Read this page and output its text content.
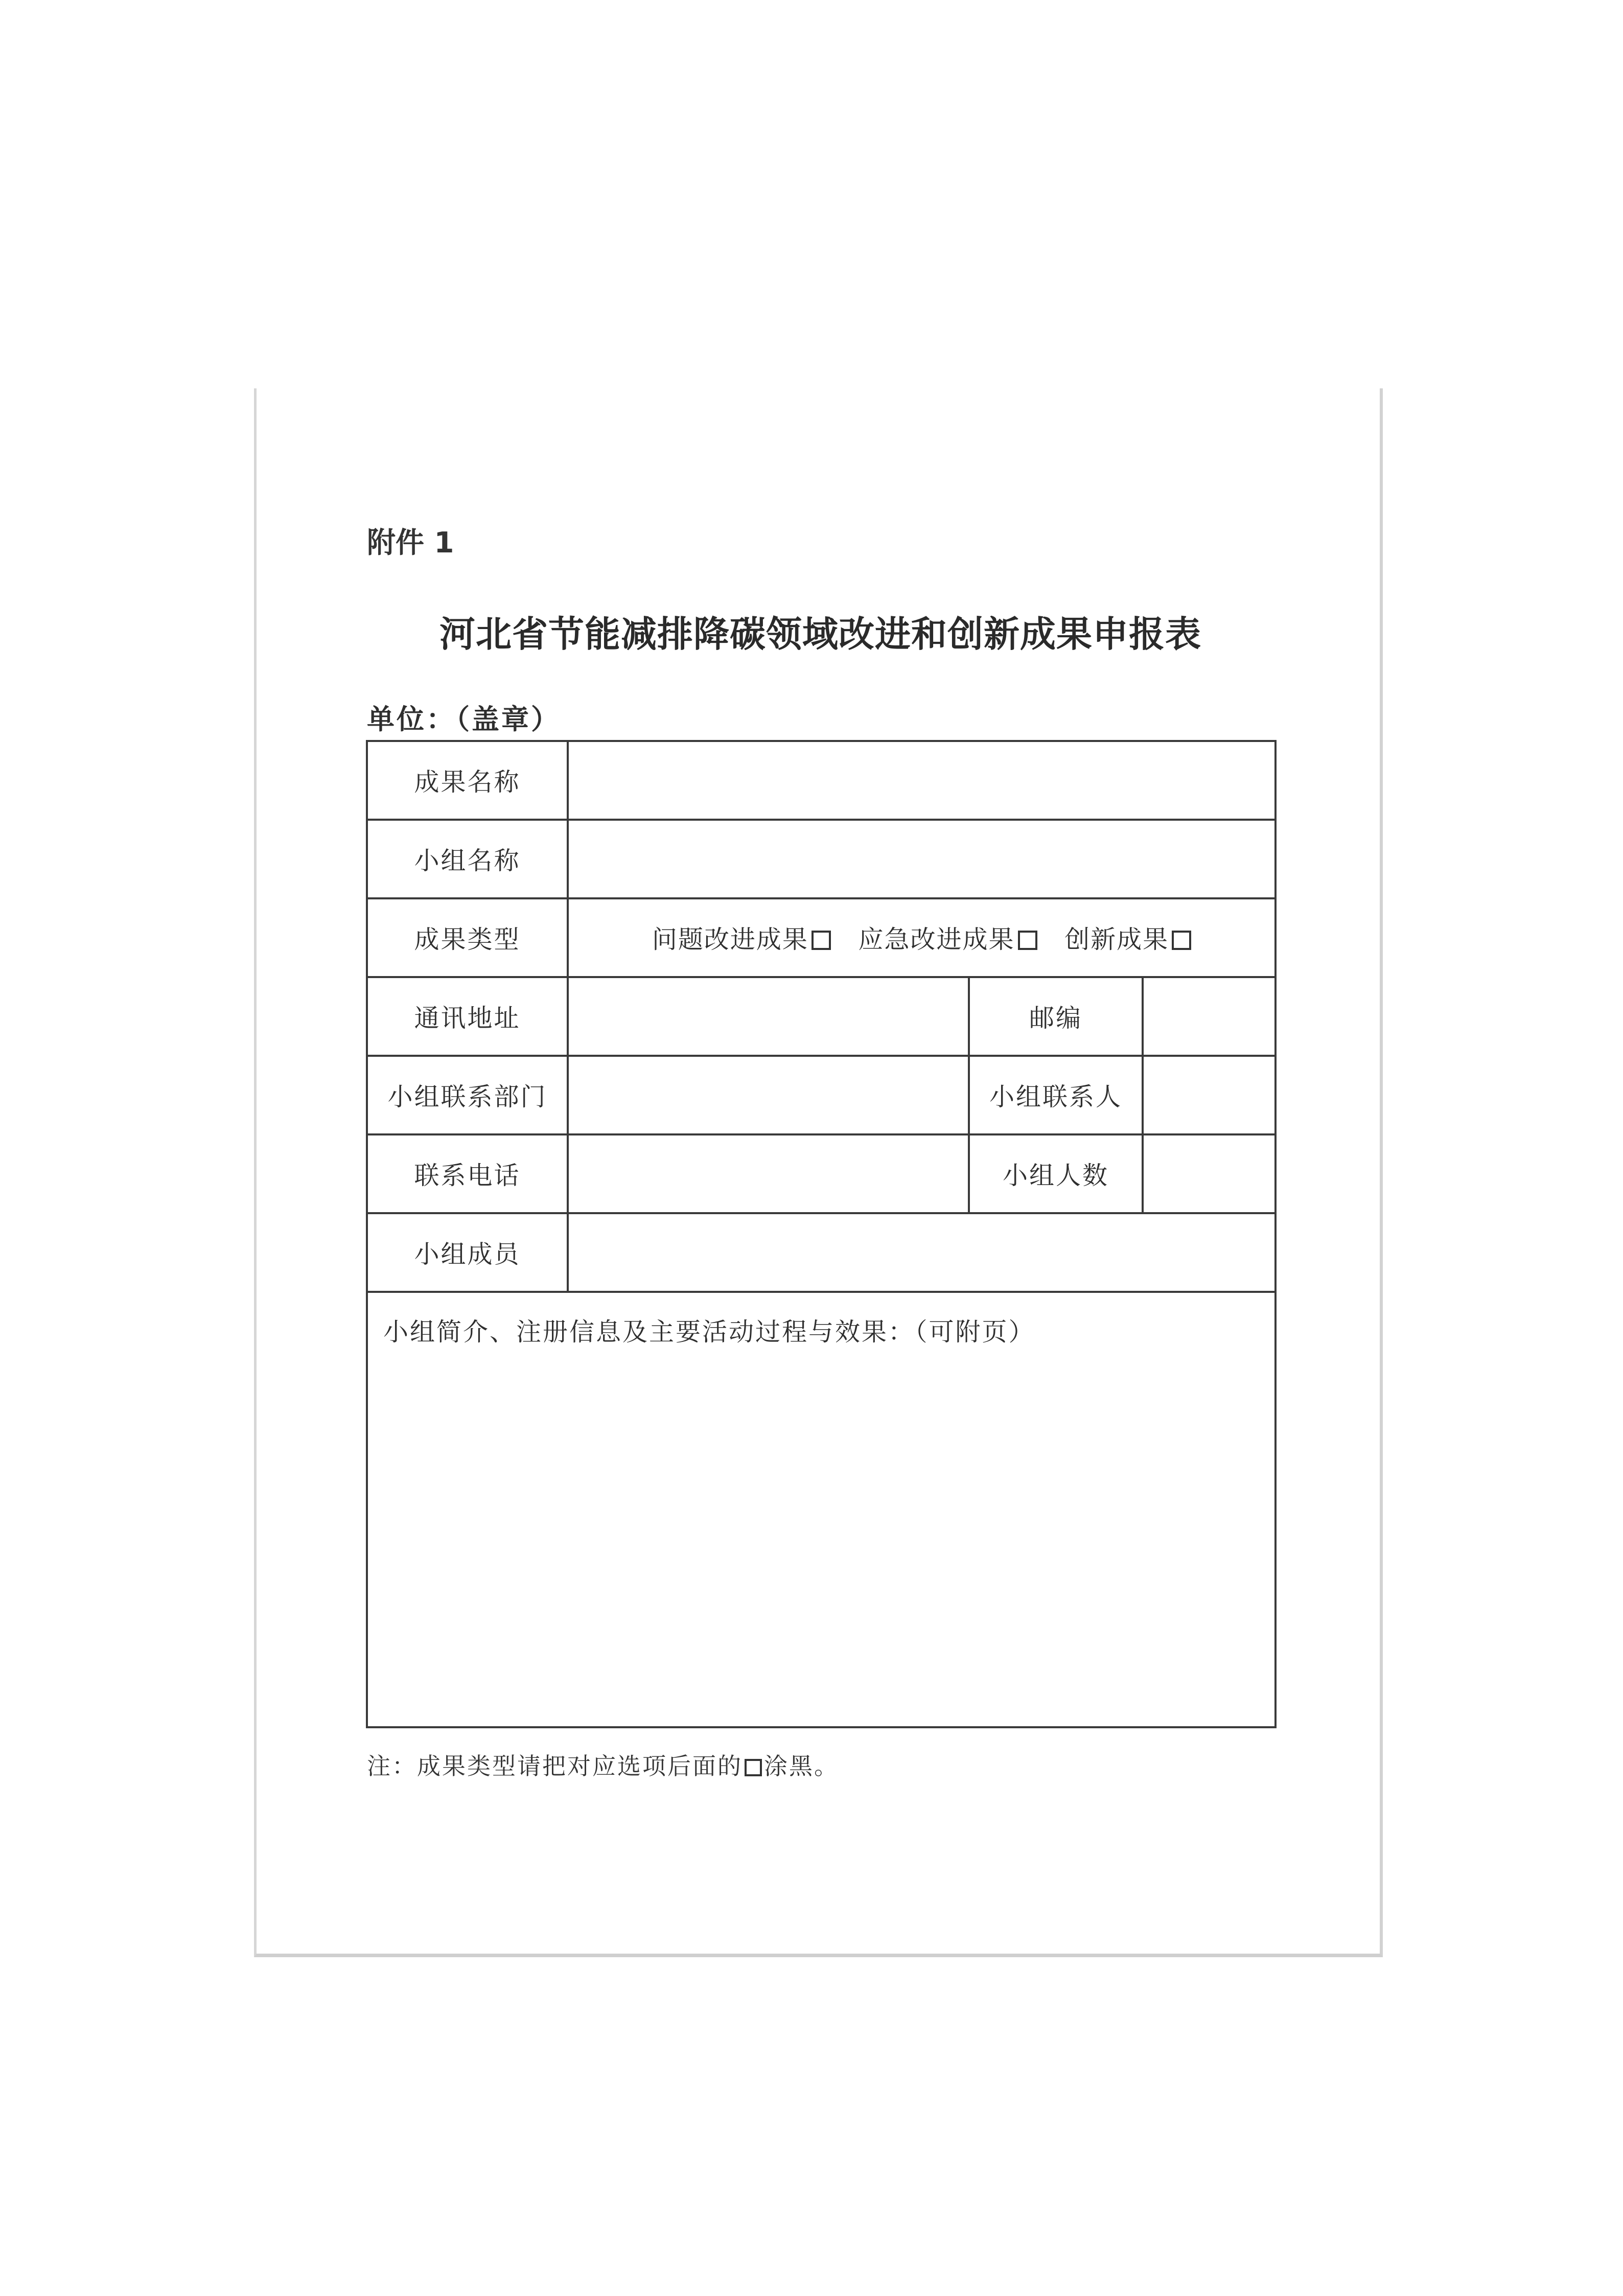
附件 1
河北省节能减排降碳领域改进和创新成果申报表
单位：（盖章）
成果名称			
小组名称			
成果类型	问题改进成果 应急改进成果 创新成果		
通讯地址		邮编	
小组联系部门		小组联系人	
联系电话		小组人数	
小组成员			
小组简介、注册信息及主要活动过程与效果：（可附页）			
注：成果类型请把对应选项后面的 涂黑。
